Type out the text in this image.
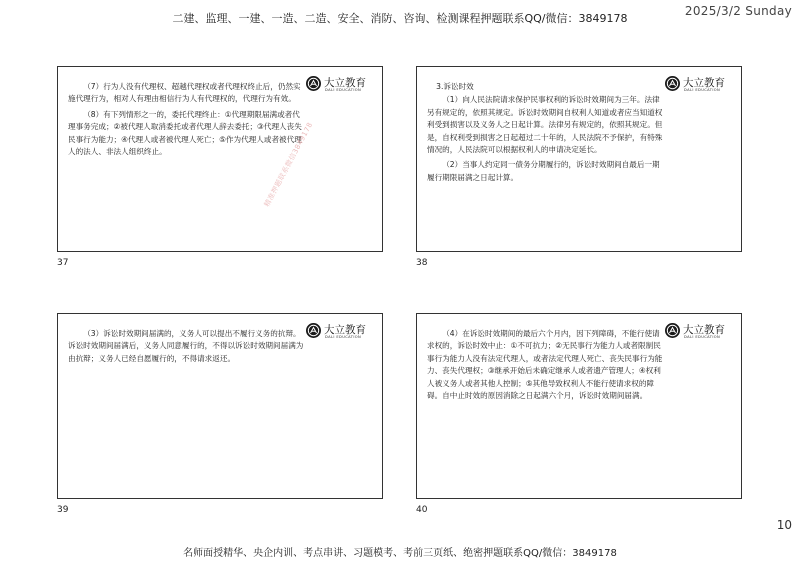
二建、监理、一建、一造、二造、安全、消防、咨询、检测课程押题联系QQ/微信：3849178
2025/3/2 Sunday

（7）行为人没有代理权、超越代理权或者代理权终止后，仍然实施代理行为，相对人有理由相信行为人有代理权的，代理行为有效。

（8）有下列情形之一的，委托代理终止：①代理期限届满或者代理事务完成；②被代理人取消委托或者代理人辞去委托；③代理人丧失民事行为能力；④代理人或者被代理人死亡；⑤作为代理人或者被代理人的法人、非法人组织终止。

大立教育
DALI EDUCATION
37

3.诉讼时效

（1）向人民法院请求保护民事权利的诉讼时效期间为三年。法律另有规定的，依照其规定。诉讼时效期间自权利人知道或者应当知道权利受到损害以及义务人之日起计算。法律另有规定的，依照其规定。但是，自权利受到损害之日起超过二十年的，人民法院不予保护，有特殊情况的，人民法院可以根据权利人的申请决定延长。

（2）当事人约定同一债务分期履行的，诉讼时效期间自最后一期履行期限届满之日起计算。

大立教育
DALI EDUCATION
38

（3）诉讼时效期间届满的，义务人可以提出不履行义务的抗辩。诉讼时效期间届满后，义务人同意履行的，不得以诉讼时效期间届满为由抗辩；义务人已经自愿履行的，不得请求返还。

大立教育
DALI EDUCATION
39

（4）在诉讼时效期间的最后六个月内，因下列障碍，不能行使请求权的，诉讼时效中止：①不可抗力；②无民事行为能力人或者限制民事行为能力人没有法定代理人，或者法定代理人死亡、丧失民事行为能力、丧失代理权；③继承开始后未确定继承人或者遗产管理人；④权利人被义务人或者其他人控制；⑤其他导致权利人不能行使请求权的障碍。自中止时效的原因消除之日起满六个月，诉讼时效期间届满。

大立教育
DALI EDUCATION
40
精准押题联系微信3849178
10
名师面授精华、央企内训、考点串讲、习题模考、考前三页纸、绝密押题联系QQ/微信：3849178
